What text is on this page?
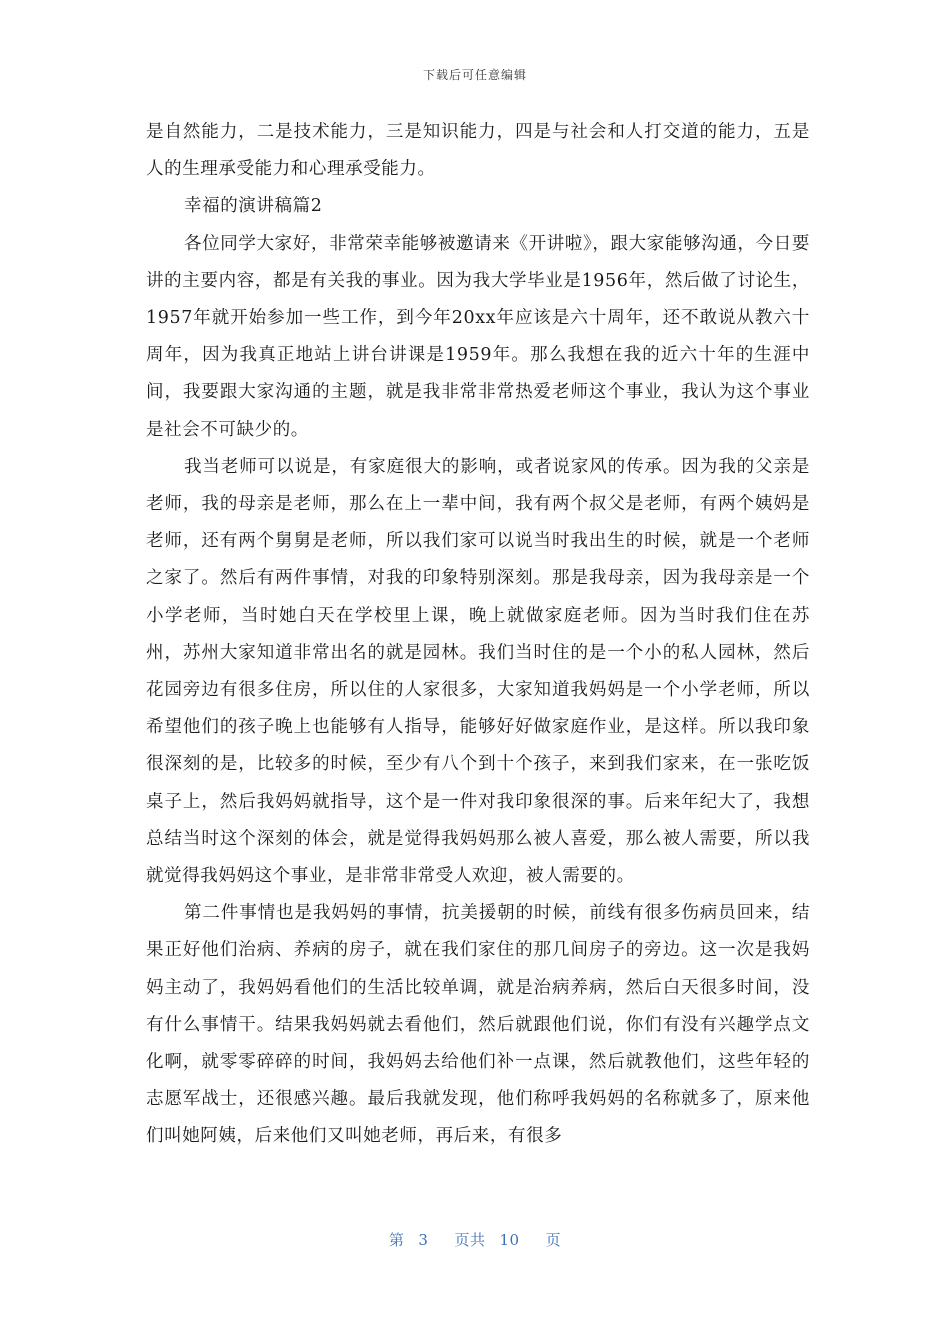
下载后可任意编辑

是自然能力，二是技术能力，三是知识能力，四是与社会和人打交道的能力，五是人的生理承受能力和心理承受能力。

幸福的演讲稿篇2

各位同学大家好，非常荣幸能够被邀请来《开讲啦》，跟大家能够沟通，今日要讲的主要内容，都是有关我的事业。因为我大学毕业是1956年，然后做了讨论生，1957年就开始参加一些工作，到今年20xx年应该是六十周年，还不敢说从教六十周年，因为我真正地站上讲台讲课是1959年。那么我想在我的近六十年的生涯中间，我要跟大家沟通的主题，就是我非常非常热爱老师这个事业，我认为这个事业是社会不可缺少的。

我当老师可以说是，有家庭很大的影响，或者说家风的传承。因为我的父亲是老师，我的母亲是老师，那么在上一辈中间，我有两个叔父是老师，有两个姨妈是老师，还有两个舅舅是老师，所以我们家可以说当时我出生的时候，就是一个老师之家了。然后有两件事情，对我的印象特别深刻。那是我母亲，因为我母亲是一个小学老师，当时她白天在学校里上课，晚上就做家庭老师。因为当时我们住在苏州，苏州大家知道非常出名的就是园林。我们当时住的是一个小的私人园林，然后花园旁边有很多住房，所以住的人家很多，大家知道我妈妈是一个小学老师，所以希望他们的孩子晚上也能够有人指导，能够好好做家庭作业，是这样。所以我印象很深刻的是，比较多的时候，至少有八个到十个孩子，来到我们家来，在一张吃饭桌子上，然后我妈妈就指导，这个是一件对我印象很深的事。后来年纪大了，我想总结当时这个深刻的体会，就是觉得我妈妈那么被人喜爱，那么被人需要，所以我就觉得我妈妈这个事业，是非常非常受人欢迎，被人需要的。

第二件事情也是我妈妈的事情，抗美援朝的时候，前线有很多伤病员回来，结果正好他们治病、养病的房子，就在我们家住的那几间房子的旁边。这一次是我妈妈主动了，我妈妈看他们的生活比较单调，就是治病养病，然后白天很多时间，没有什么事情干。结果我妈妈就去看他们，然后就跟他们说，你们有没有兴趣学点文化啊，就零零碎碎的时间，我妈妈去给他们补一点课，然后就教他们，这些年轻的志愿军战士，还很感兴趣。最后我就发现，他们称呼我妈妈的名称就多了，原来他们叫她阿姨，后来他们又叫她老师，再后来，有很多

第 3 页共 10 页
